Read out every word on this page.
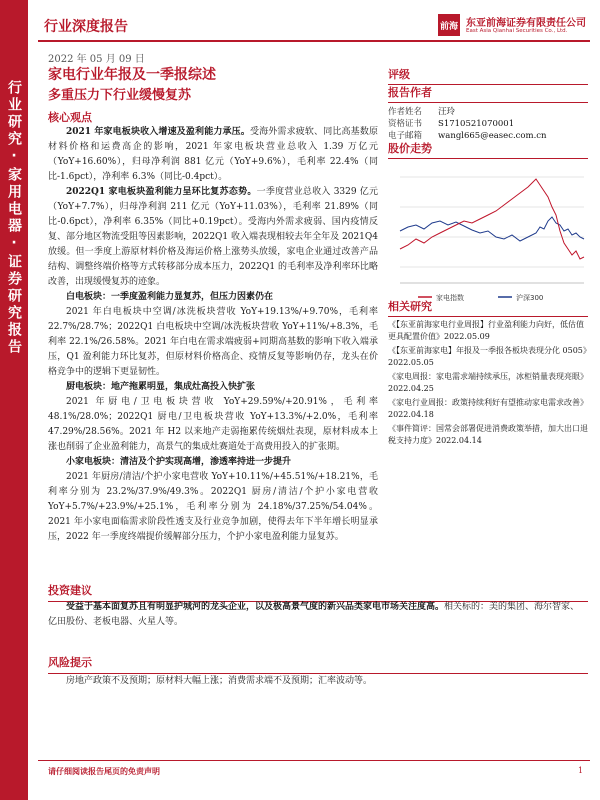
行业研究·家用电器·证券研究报告
行业深度报告	前海 东亚前海证券有限责任公司
East Asia Qianhai Securities Co., Ltd.
2022 年 05 月 09 日
家电行业年报及一季报综述
多重压力下行业缓慢复苏
核心观点

2021 年家电板块收入增速及盈利能力承压。受海外需求疲软、同比高基数原材料价格和运费高企的影响，2021 年家电板块营业总收入 1.39 万亿元（YoY+16.60%），归母净利润 881 亿元（YoY+9.6%），毛利率 22.4%（同比-1.6pct），净利率 6.3%（同比-0.4pct）。

2022Q1 家电板块盈利能力呈环比复苏态势。一季度营业总收入 3329 亿元（YoY+7.7%），归母净利润 211 亿元（YoY+11.03%），毛利率 21.89%（同比-0.6pct），净利率 6.35%（同比+0.19pct）。受海内外需求疲弱、国内疫情反复、部分地区物流受阻等因素影响，2022Q1 收入端表现相较去年全年及 2021Q4 放缓。但一季度上游原材料价格及海运价格上涨势头放缓，家电企业通过改善产品结构、调整终端价格等方式转移部分成本压力，2022Q1 的毛利率及净利率环比略改善，出现缓慢复苏的迹象。

白电板块：一季度盈利能力显复苏，但压力因素仍在

2021 年白电板块中空调/冰洗板块营收 YoY+19.13%/+9.70%，毛利率 22.7%/28.7%；2022Q1 白电板块中空调/冰洗板块营收 YoY+11%/+8.3%，毛利率 22.1%/26.58%。2021 年白电在需求端疲弱+同期高基数的影响下收入端承压，Q1 盈利能力环比复苏，但原材料价格高企、疫情反复等影响仍存，龙头在价格竞争中的逻辑下更显韧性。

厨电板块：地产拖累明显，集成灶高投入快扩张

2021 年厨电/卫电板块营收 YoY+29.59%/+20.91%，毛利率 48.1%/28.0%；2022Q1 厨电/卫电板块营收 YoY+13.3%/+2.0%，毛利率 47.29%/28.56%。2021 年 H2 以来地产走弱拖累传统烟灶表现，原材料成本上涨也削弱了企业盈利能力，高景气的集成灶赛道处于高费用投入的扩张期。

小家电板块：清洁及个护实现高增，渗透率持进一步提升

2021 年厨房/清洁/个护小家电营收 YoY+10.11%/+45.51%/+18.21%，毛利率分别为 23.2%/37.9%/49.3%。2022Q1 厨房/清洁/个护小家电营收 YoY+5.7%/+23.9%/+25.1%，毛利率分别为 24.18%/37.25%/54.04%。2021 年小家电面临需求阶段性透支及行业竞争加剧，使得去年下半年增长明显承压，2022 年一季度终端提价缓解部分压力，个护小家电盈利能力显复苏。

评级
报告作者
作者姓名	汪玲
资格证书	S1710521070001
电子邮箱	wangl665@easec.com.cn
股价走势
家电指数	沪深300
相关研究
《【东亚前海家电行业周报】行业盈利能力向好，低估值更具配置价值》2022.05.09
《【东亚前海家电】年报及一季报各板块表现分化 0505》2022.05.05
《家电周报：家电需求端持续承压，冰柜销量表现亮眼》2022.04.25
《家电行业周报：政策持续利好有望推动家电需求改善》2022.04.18
《事件简评：国常会部署促进消费政策举措，加大出口退税支持力度》2022.04.14
投资建议

受益于基本面复苏且有明显护城河的龙头企业，以及极高景气度的新兴品类家电市场关注度高。相关标的：美的集团、海尔智家、亿田股份、老板电器、火星人等。

风险提示

房地产政策不及预期；原材料大幅上涨；消费需求端不及预期；汇率波动等。

请仔细阅读报告尾页的免责声明	1
